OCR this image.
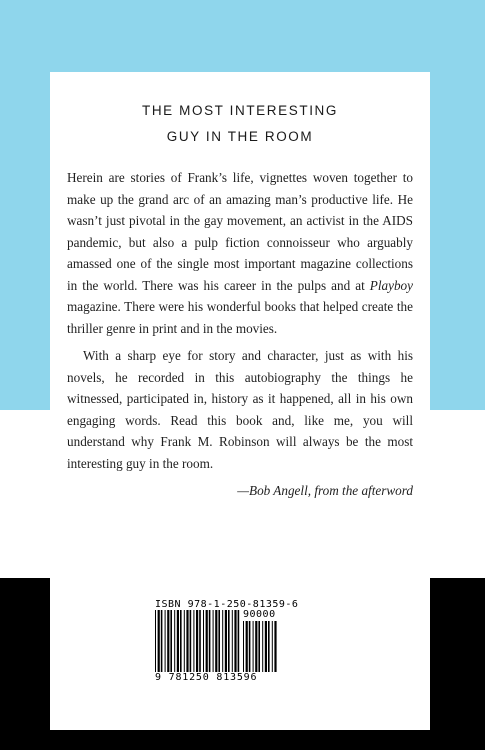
THE MOST INTERESTING
GUY IN THE ROOM

Herein are stories of Frank’s life, vignettes woven together to make up the grand arc of an amazing man’s productive life. He wasn’t just pivotal in the gay movement, an activist in the AIDS pandemic, but also a pulp fiction connoisseur who arguably amassed one of the single most important magazine collections in the world. There was his career in the pulps and at Playboy magazine. There were his wonderful books that helped create the thriller genre in print and in the movies.

With a sharp eye for story and character, just as with his novels, he recorded in this autobiography the things he witnessed, participated in, history as it happened, all in his own engaging words. Read this book and, like me, you will understand why Frank M. Robinson will always be the most interesting guy in the room.

—Bob Angell, from the afterword

ISBN 978-1-250-81359-6
90000
9 781250 813596
